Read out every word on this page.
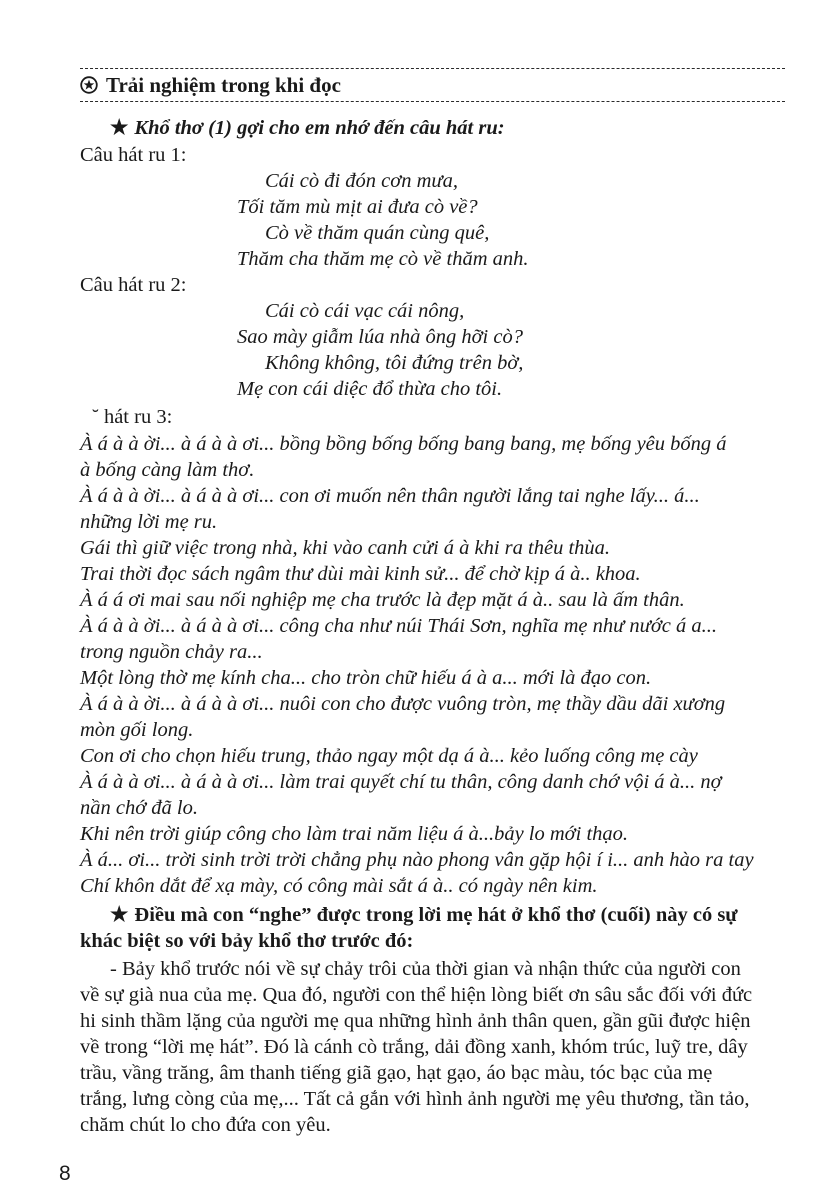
Trải nghiệm trong khi đọc
★ Khổ thơ (1) gợi cho em nhớ đến câu hát ru:
Câu hát ru 1:
Cái cò đi đón cơn mưa,
Tối tăm mù mịt ai đưa cò về?
Cò về thăm quán cùng quê,
Thăm cha thăm mẹ cò về thăm anh.
Câu hát ru 2:
Cái cò cái vạc cái nông,
Sao mày giẫm lúa nhà ông hỡi cò?
Không không, tôi đứng trên bờ,
Mẹ con cái diệc đổ thừa cho tôi.
˘ hát ru 3:
À á à à ời... à á à à ơi... bồng bồng bống bống bang bang, mẹ bống yêu bống á
à bống càng làm thơ.
À á à à ời... à á à à ơi... con ơi muốn nên thân người lắng tai nghe lấy... á...
những lời mẹ ru.
Gái thì giữ việc trong nhà, khi vào canh cửi á à khi ra thêu thùa.
Trai thời đọc sách ngâm thư dùi mài kinh sử... để chờ kịp á à.. khoa.
À á á ơi mai sau nối nghiệp mẹ cha trước là đẹp mặt á à.. sau là ấm thân.
À á à à ời... à á à à ơi... công cha như núi Thái Sơn, nghĩa mẹ như nước á a...
trong nguồn chảy ra...
Một lòng thờ mẹ kính cha... cho tròn chữ hiếu á à a... mới là đạo con.
À á à à ời... à á à à ơi... nuôi con cho được vuông tròn, mẹ thầy dầu dãi xương
mòn gối long.
Con ơi cho chọn hiếu trung, thảo ngay một dạ á à... kẻo luống công mẹ cày
À á à à ơi... à á à à ơi... làm trai quyết chí tu thân, công danh chớ vội á à... nợ
nần chớ đã lo.
Khi nên trời giúp công cho làm trai năm liệu á à...bảy lo mới thạo.
À á... ơi... trời sinh trời trời chẳng phụ nào phong vân gặp hội í i... anh hào ra tay
Chí khôn dắt để xạ mày, có công mài sắt á à.. có ngày nên kim.
★ Điều mà con “nghe” được trong lời mẹ hát ở khổ thơ (cuối) này có sự
khác biệt so với bảy khổ thơ trước đó:
- Bảy khổ trước nói về sự chảy trôi của thời gian và nhận thức của người con
về sự già nua của mẹ. Qua đó, người con thể hiện lòng biết ơn sâu sắc đối với đức
hi sinh thầm lặng của người mẹ qua những hình ảnh thân quen, gần gũi được hiện
về trong “lời mẹ hát”. Đó là cánh cò trắng, dải đồng xanh, khóm trúc, luỹ tre, dây
trầu, vầng trăng, âm thanh tiếng giã gạo, hạt gạo, áo bạc màu, tóc bạc của mẹ
trắng, lưng còng của mẹ,... Tất cả gắn với hình ảnh người mẹ yêu thương, tần tảo,
chăm chút lo cho đứa con yêu.
8
